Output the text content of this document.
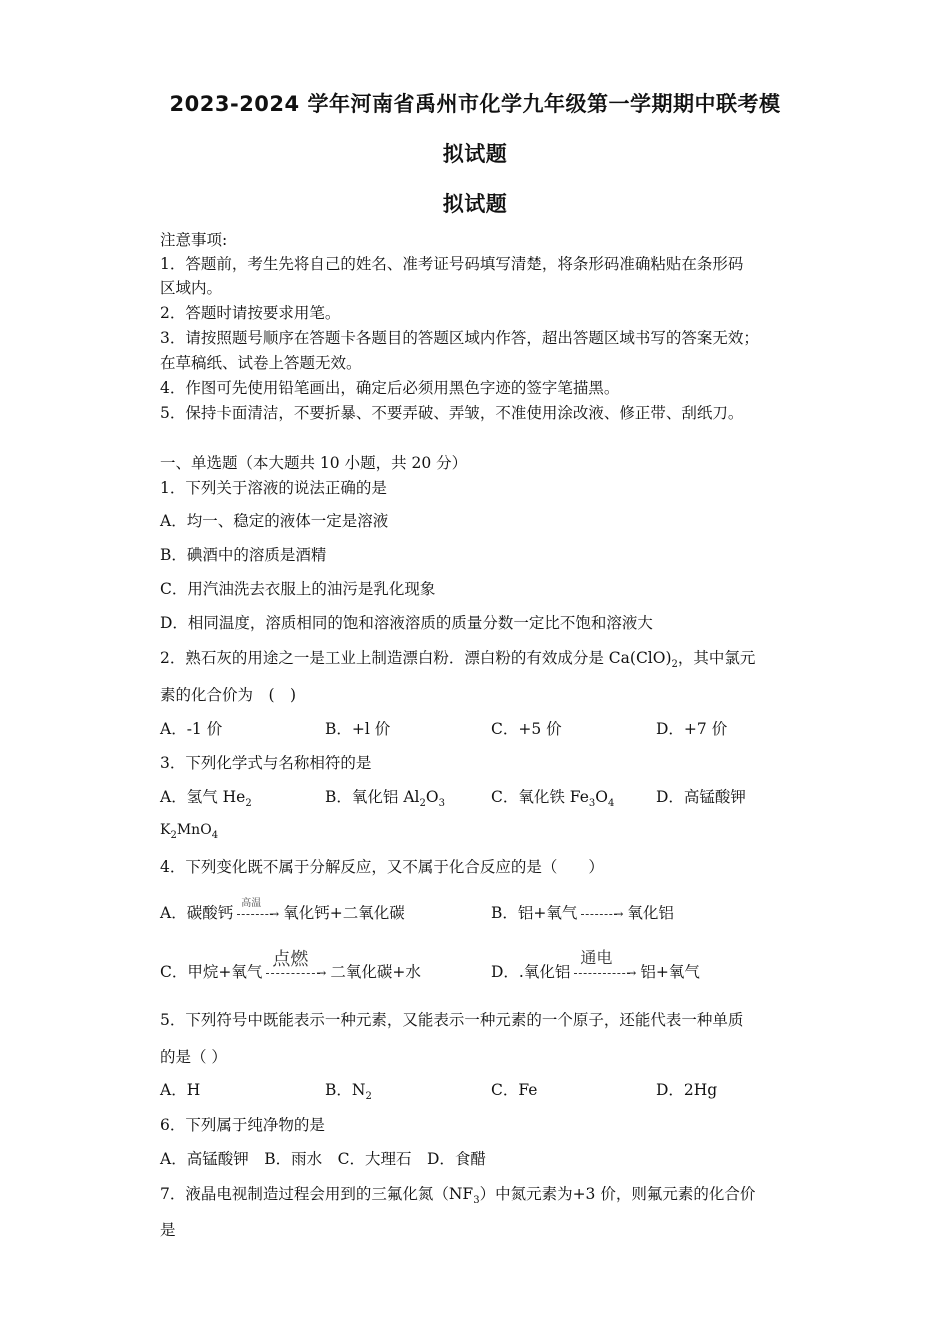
2023-2024 学年河南省禹州市化学九年级第一学期期中联考模
拟试题
拟试题
注意事项:
1．答题前，考生先将自己的姓名、准考证号码填写清楚，将条形码准确粘贴在条形码
区域内。
2．答题时请按要求用笔。
3．请按照题号顺序在答题卡各题目的答题区域内作答，超出答题区域书写的答案无效；
在草稿纸、试卷上答题无效。
4．作图可先使用铅笔画出，确定后必须用黑色字迹的签字笔描黑。
5．保持卡面清洁，不要折暴、不要弄破、弄皱，不准使用涂改液、修正带、刮纸刀。
一、单选题（本大题共 10 小题，共 20 分）
1．下列关于溶液的说法正确的是
A．均一、稳定的液体一定是溶液
B．碘酒中的溶质是酒精
C．用汽油洗去衣服上的油污是乳化现象
D．相同温度，溶质相同的饱和溶液溶质的质量分数一定比不饱和溶液大
2．熟石灰的用途之一是工业上制造漂白粉．漂白粉的有效成分是 $Ca(ClO)_2$，其中氯元
素的化合价为　(　)
A．-1 价	B．+l 价	C．+5 价	D．+7 价
3．下列化学式与名称相符的是
A．氢气 $He_2$	B．氧化铝 $Al_2O_3$	C．氧化铁 $Fe_3O_4$	D．高锰酸钾
$K_2MnO_4$
4．下列变化既不属于分解反应，又不属于化合反应的是（　　）
A．碳酸钙
高温
→ 氧化钙+二氧化碳	B．铝+氧气	→ 氧化铝
C．甲烷+氧气
点燃
→ 二氧化碳+水	D．.氧化铝
通电
→ 铝+氧气
5．下列符号中既能表示一种元素，又能表示一种元素的一个原子，还能代表一种单质
的是（ ）
A．H	B．$N_2$	C．Fe	D．2Hg
6．下列属于纯净物的是
A．高锰酸钾　B．雨水　C．大理石　D．食醋
7．液晶电视制造过程会用到的三氟化氮$(NF_3)$中氮元素为+3 价，则氟元素的化合价
是
